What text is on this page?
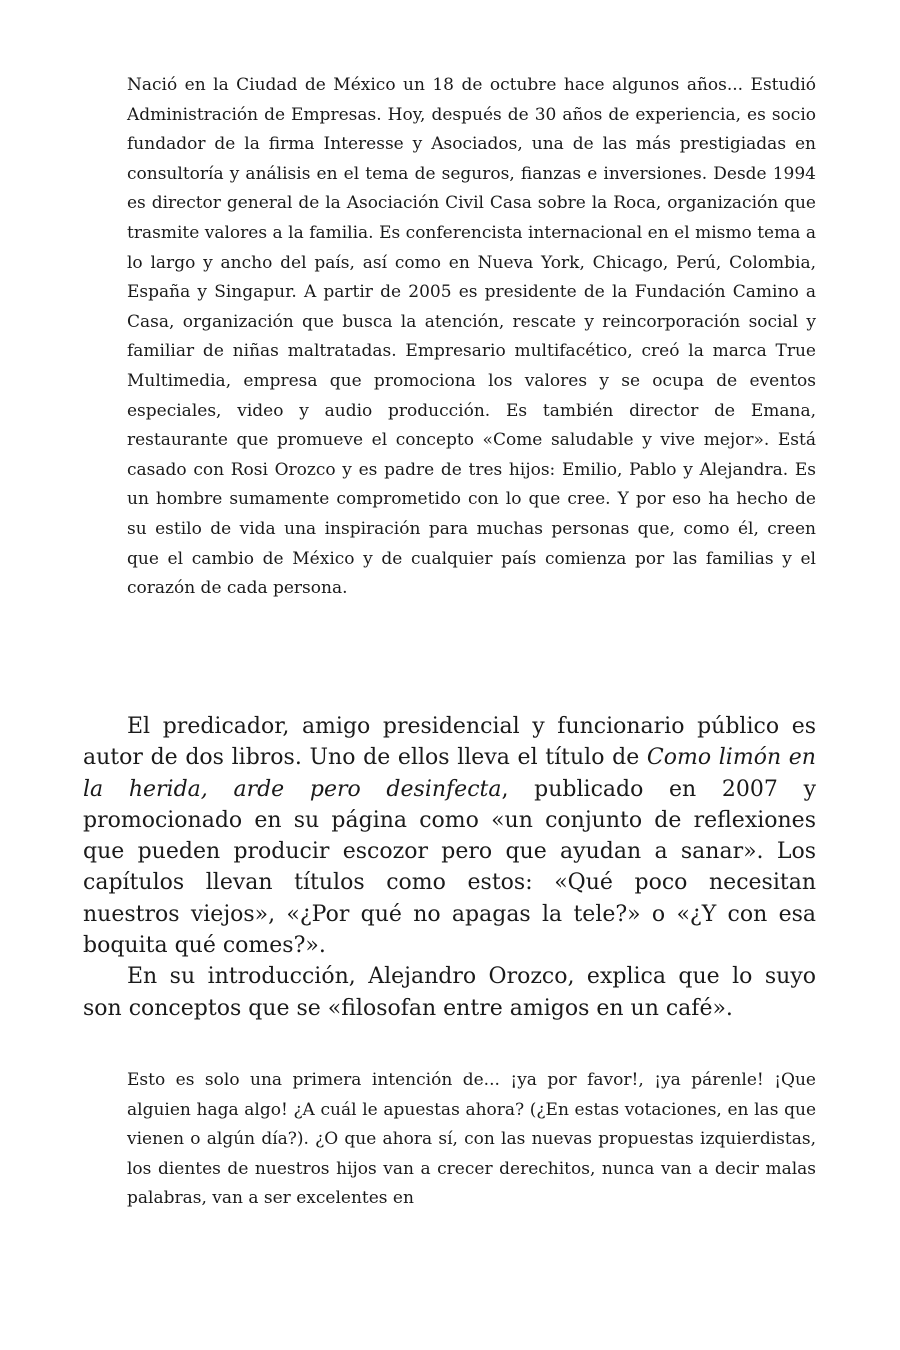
Nació en la Ciudad de México un 18 de octubre hace algunos años... Estudió Administración de Empresas. Hoy, después de 30 años de experiencia, es socio fundador de la firma Interesse y Asociados, una de las más prestigiadas en consultoría y análisis en el tema de seguros, fianzas e inversiones. Desde 1994 es director general de la Asociación Civil Casa sobre la Roca, organización que trasmite valores a la familia. Es conferencista internacional en el mismo tema a lo largo y ancho del país, así como en Nueva York, Chicago, Perú, Colombia, España y Singapur. A partir de 2005 es presidente de la Fundación Camino a Casa, organización que busca la atención, rescate y reincorporación social y familiar de niñas maltratadas. Empresario multifacético, creó la marca True Multimedia, empresa que promociona los valores y se ocupa de eventos especiales, video y audio producción. Es también director de Emana, restaurante que promueve el concepto «Come saludable y vive mejor». Está casado con Rosi Orozco y es padre de tres hijos: Emilio, Pablo y Alejandra. Es un hombre sumamente comprometido con lo que cree. Y por eso ha hecho de su estilo de vida una inspiración para muchas personas que, como él, creen que el cambio de México y de cualquier país comienza por las familias y el corazón de cada persona.

El predicador, amigo presidencial y funcionario público es autor de dos libros. Uno de ellos lleva el título de Como limón en la herida, arde pero desinfecta, publicado en 2007 y promocionado en su página como «un conjunto de reflexiones que pueden producir escozor pero que ayudan a sanar». Los capítulos llevan títulos como estos: «Qué poco necesitan nuestros viejos», «¿Por qué no apagas la tele?» o «¿Y con esa boquita qué comes?».

En su introducción, Alejandro Orozco, explica que lo suyo son conceptos que se «filosofan entre amigos en un café».

Esto es solo una primera intención de... ¡ya por favor!, ¡ya párenle! ¡Que alguien haga algo! ¿A cuál le apuestas ahora? (¿En estas votaciones, en las que vienen o algún día?). ¿O que ahora sí, con las nuevas propuestas izquierdistas, los dientes de nuestros hijos van a crecer derechitos, nunca van a decir malas palabras, van a ser excelentes en
